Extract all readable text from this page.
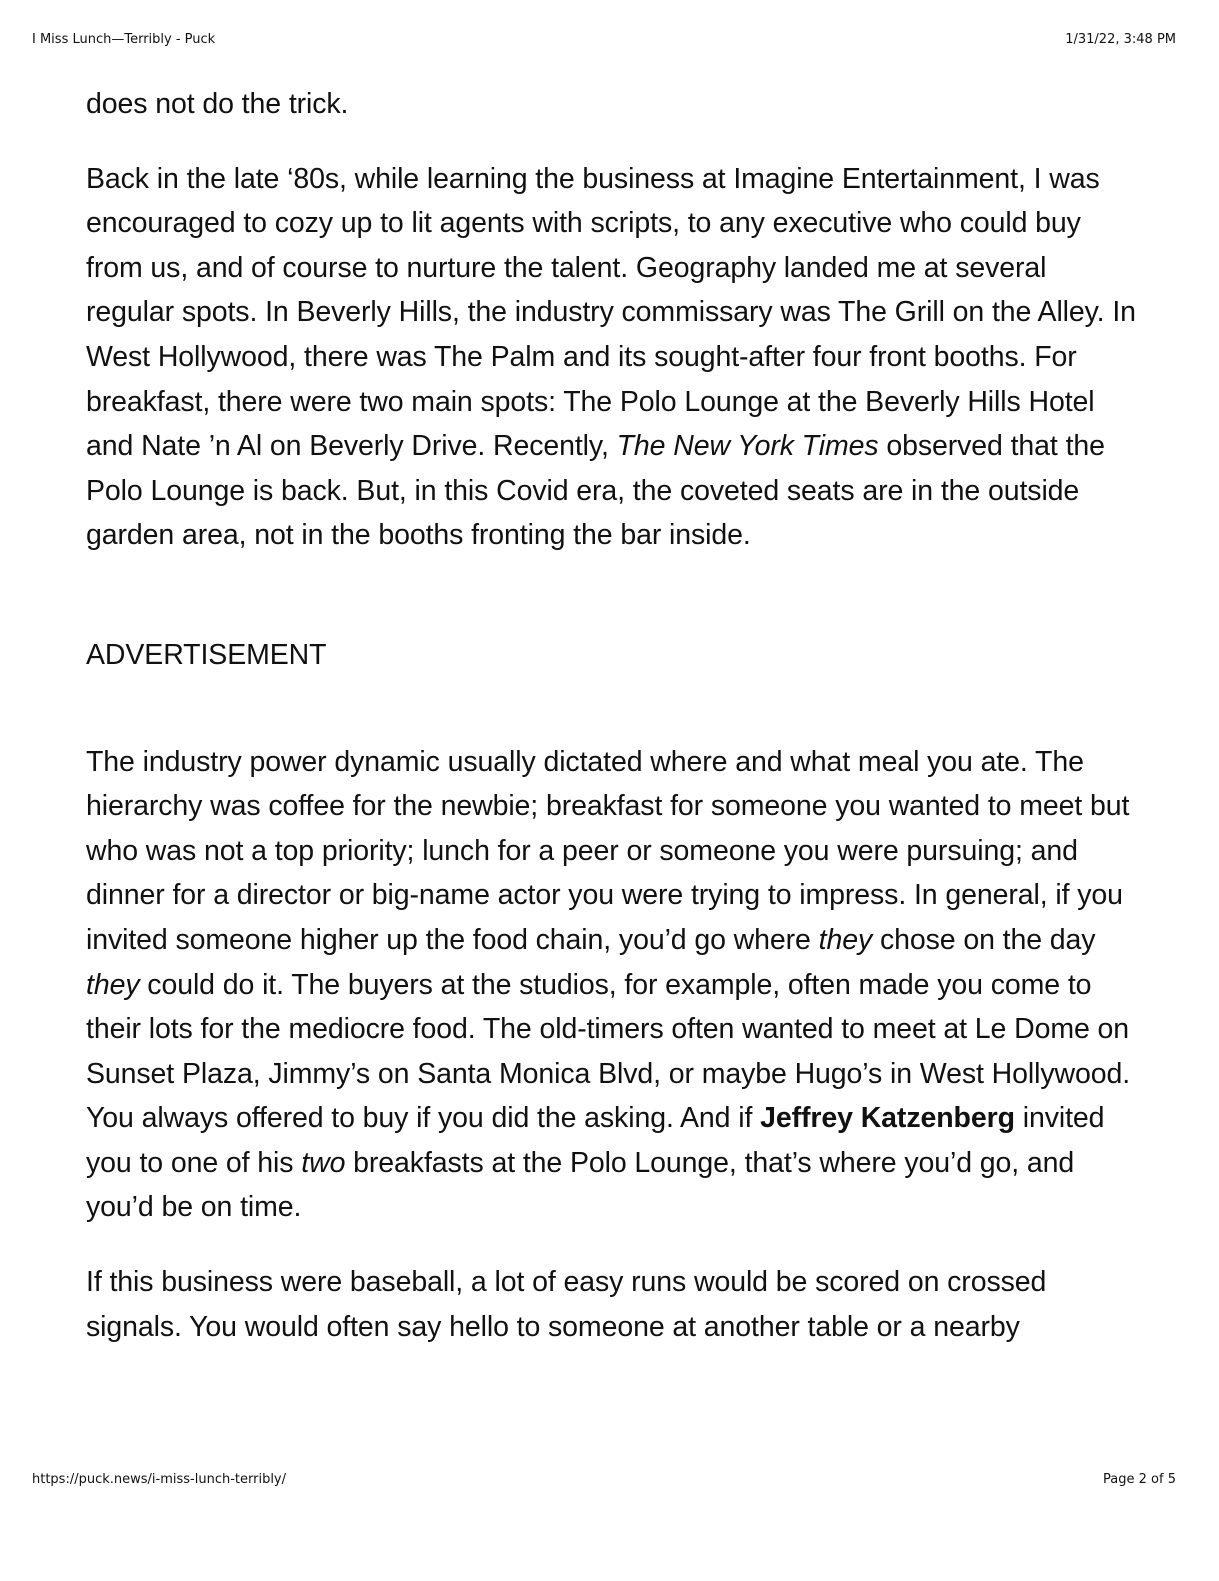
I Miss Lunch—Terribly - Puck	1/31/22, 3:48 PM

does not do the trick.

Back in the late ‘80s, while learning the business at Imagine Entertainment, I was encouraged to cozy up to lit agents with scripts, to any executive who could buy from us, and of course to nurture the talent. Geography landed me at several regular spots. In Beverly Hills, the industry commissary was The Grill on the Alley. In West Hollywood, there was The Palm and its sought-after four front booths. For breakfast, there were two main spots: The Polo Lounge at the Beverly Hills Hotel and Nate ’n Al on Beverly Drive. Recently, The New York Times observed that the Polo Lounge is back. But, in this Covid era, the coveted seats are in the outside garden area, not in the booths fronting the bar inside.

ADVERTISEMENT

The industry power dynamic usually dictated where and what meal you ate. The hierarchy was coffee for the newbie; breakfast for someone you wanted to meet but who was not a top priority; lunch for a peer or someone you were pursuing; and dinner for a director or big-name actor you were trying to impress. In general, if you invited someone higher up the food chain, you’d go where they chose on the day they could do it. The buyers at the studios, for example, often made you come to their lots for the mediocre food. The old-timers often wanted to meet at Le Dome on Sunset Plaza, Jimmy’s on Santa Monica Blvd, or maybe Hugo’s in West Hollywood. You always offered to buy if you did the asking. And if Jeffrey Katzenberg invited you to one of his two breakfasts at the Polo Lounge, that’s where you’d go, and you’d be on time.

If this business were baseball, a lot of easy runs would be scored on crossed signals. You would often say hello to someone at another table or a nearby

https://puck.news/i-miss-lunch-terribly/	Page 2 of 5
